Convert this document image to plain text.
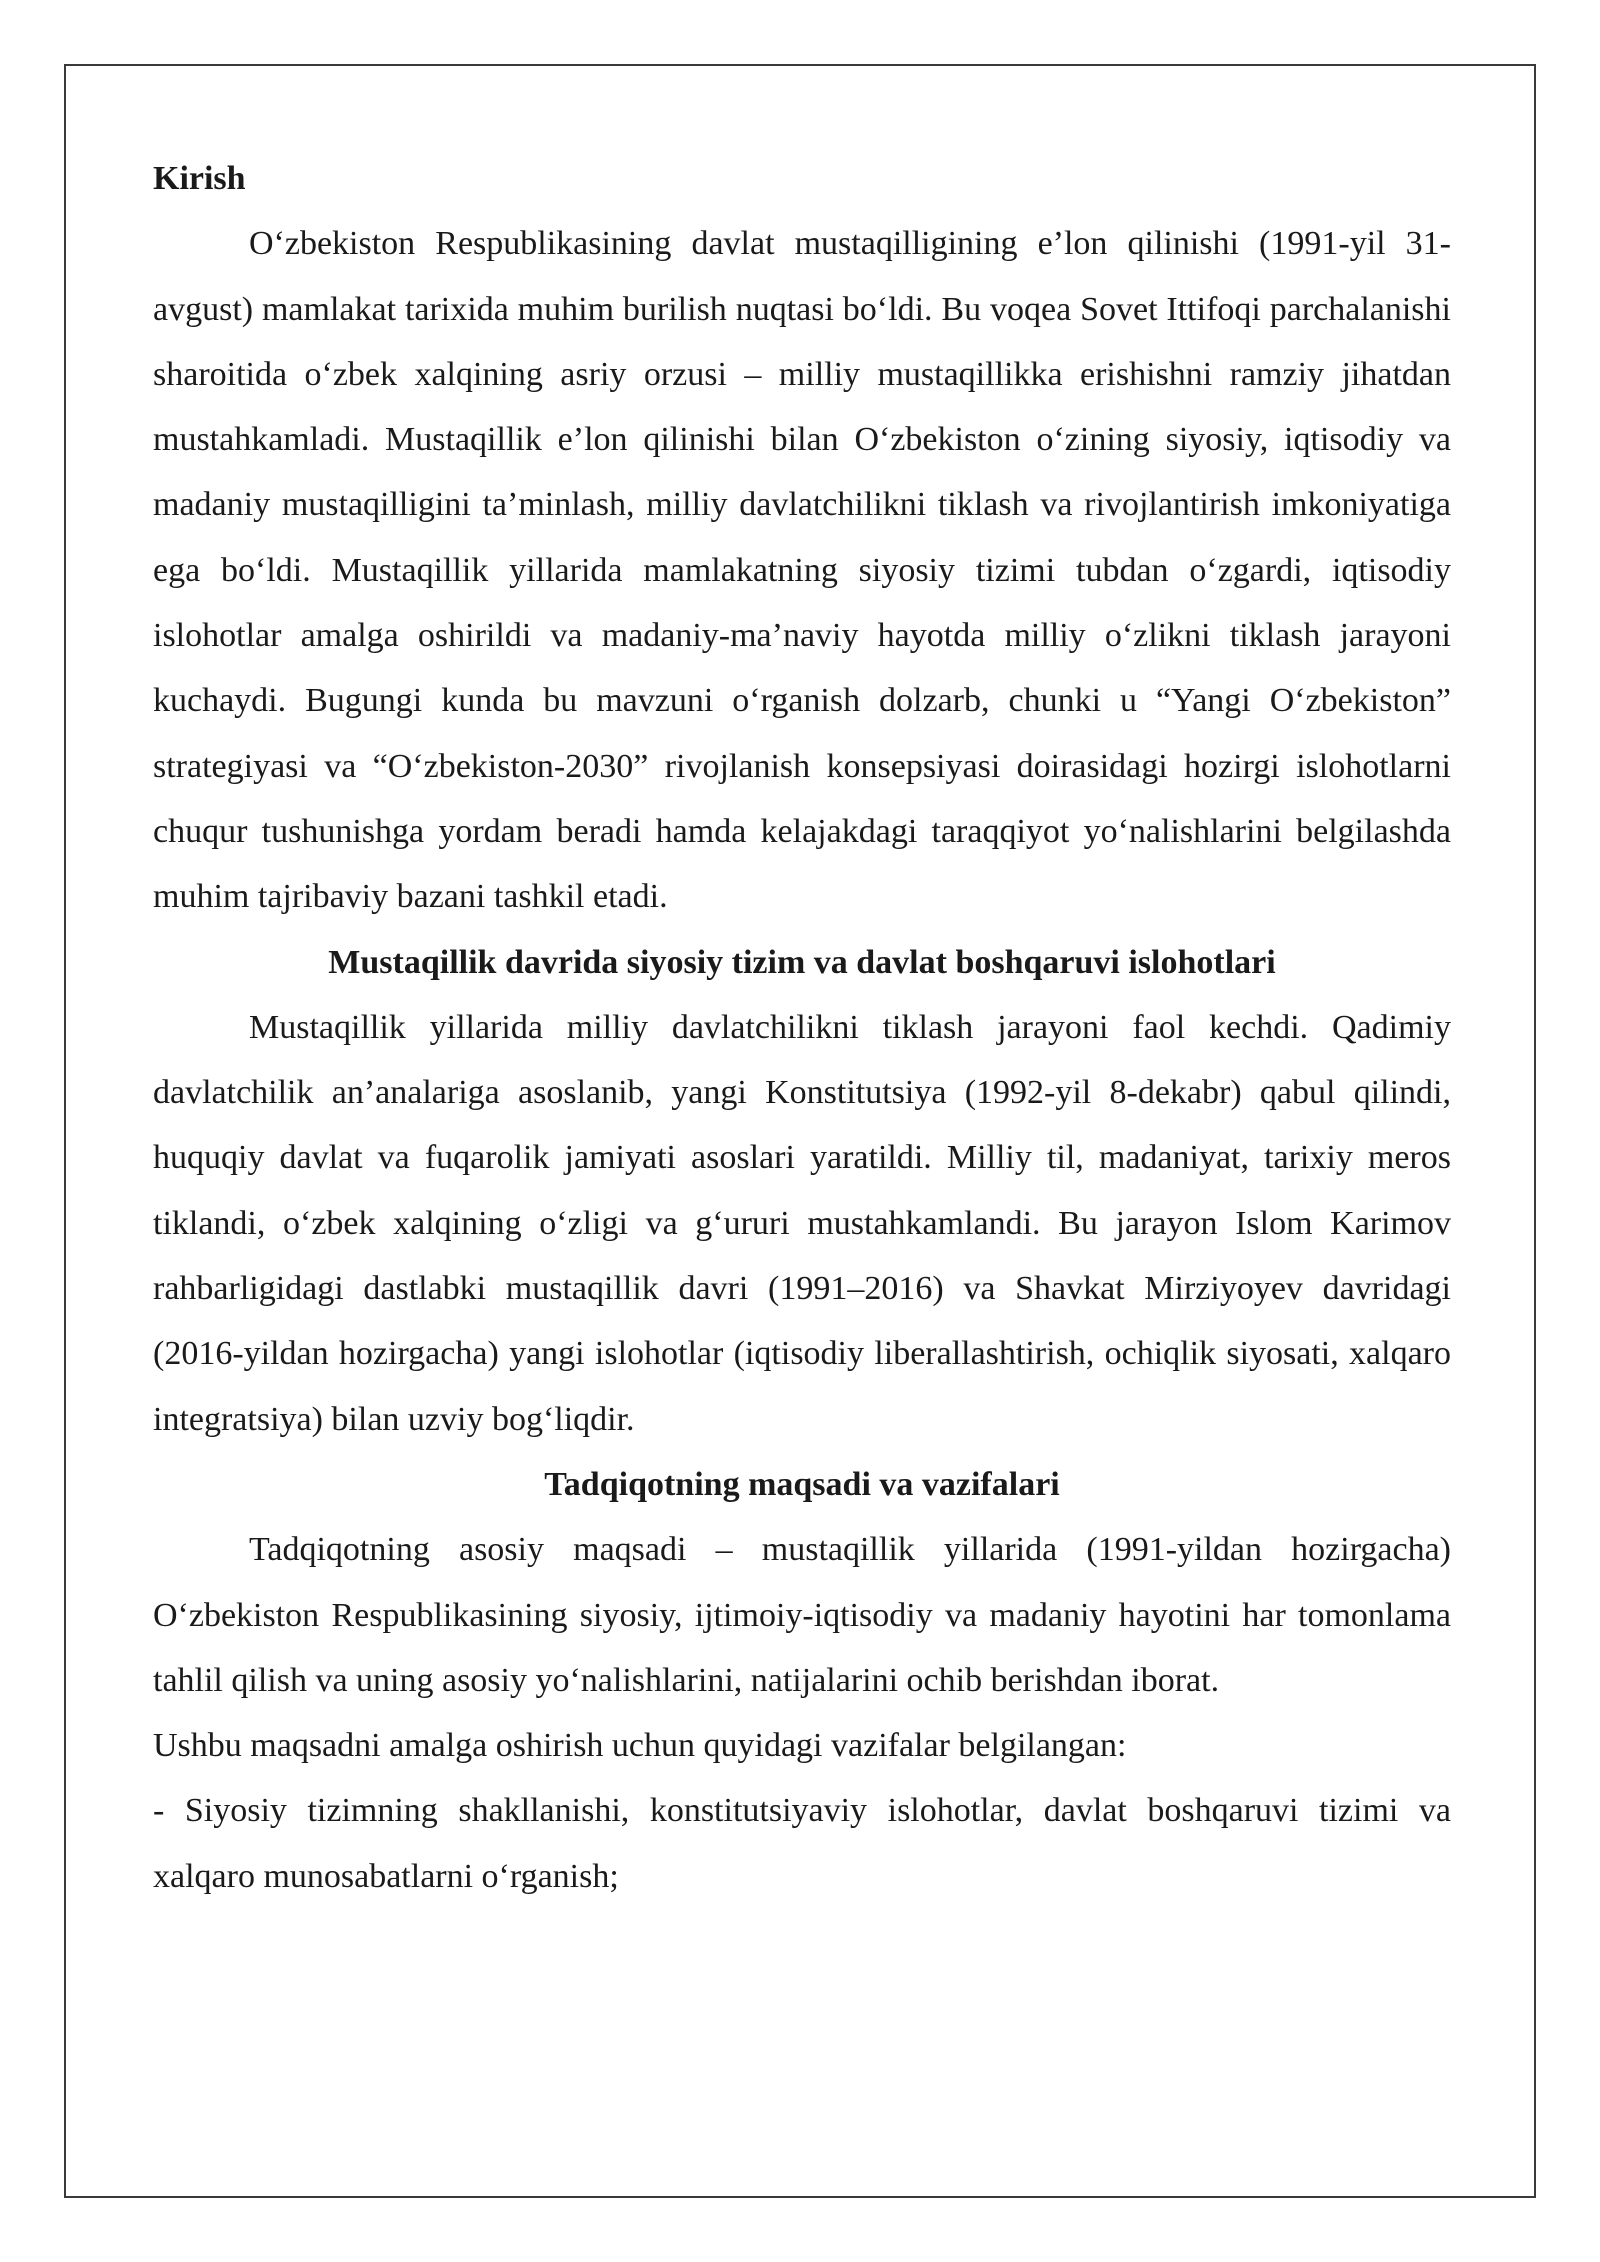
Kirish

O‘zbekiston Respublikasining davlat mustaqilligining e’lon qilinishi (1991-yil 31-avgust) mamlakat tarixida muhim burilish nuqtasi bo‘ldi. Bu voqea Sovet Ittifoqi parchalanishi sharoitida o‘zbek xalqining asriy orzusi – milliy mustaqillikka erishishni ramziy jihatdan mustahkamladi. Mustaqillik e’lon qilinishi bilan O‘zbekiston o‘zining siyosiy, iqtisodiy va madaniy mustaqilligini ta’minlash, milliy davlatchilikni tiklash va rivojlantirish imkoniyatiga ega bo‘ldi. Mustaqillik yillarida mamlakatning siyosiy tizimi tubdan o‘zgardi, iqtisodiy islohotlar amalga oshirildi va madaniy-ma’naviy hayotda milliy o‘zlikni tiklash jarayoni kuchaydi. Bugungi kunda bu mavzuni o‘rganish dolzarb, chunki u “Yangi O‘zbekiston” strategiyasi va “O‘zbekiston-2030” rivojlanish konsepsiyasi doirasidagi hozirgi islohotlarni chuqur tushunishga yordam beradi hamda kelajakdagi taraqqiyot yo‘nalishlarini belgilashda muhim tajribaviy bazani tashkil etadi.

Mustaqillik davrida siyosiy tizim va davlat boshqaruvi islohotlari

Mustaqillik yillarida milliy davlatchilikni tiklash jarayoni faol kechdi. Qadimiy davlatchilik an’analariga asoslanib, yangi Konstitutsiya (1992-yil 8-dekabr) qabul qilindi, huquqiy davlat va fuqarolik jamiyati asoslari yaratildi. Milliy til, madaniyat, tarixiy meros tiklandi, o‘zbek xalqining o‘zligi va g‘ururi mustahkamlandi. Bu jarayon Islom Karimov rahbarligidagi dastlabki mustaqillik davri (1991–2016) va Shavkat Mirziyoyev davridagi (2016-yildan hozirgacha) yangi islohotlar (iqtisodiy liberallashtirish, ochiqlik siyosati, xalqaro integratsiya) bilan uzviy bog‘liqdir.

Tadqiqotning maqsadi va vazifalari

Tadqiqotning asosiy maqsadi – mustaqillik yillarida (1991-yildan hozirgacha) O‘zbekiston Respublikasining siyosiy, ijtimoiy-iqtisodiy va madaniy hayotini har tomonlama tahlil qilish va uning asosiy yo‘nalishlarini, natijalarini ochib berishdan iborat.

Ushbu maqsadni amalga oshirish uchun quyidagi vazifalar belgilangan:

- Siyosiy tizimning shakllanishi, konstitutsiyaviy islohotlar, davlat boshqaruvi tizimi va xalqaro munosabatlarni o‘rganish;
